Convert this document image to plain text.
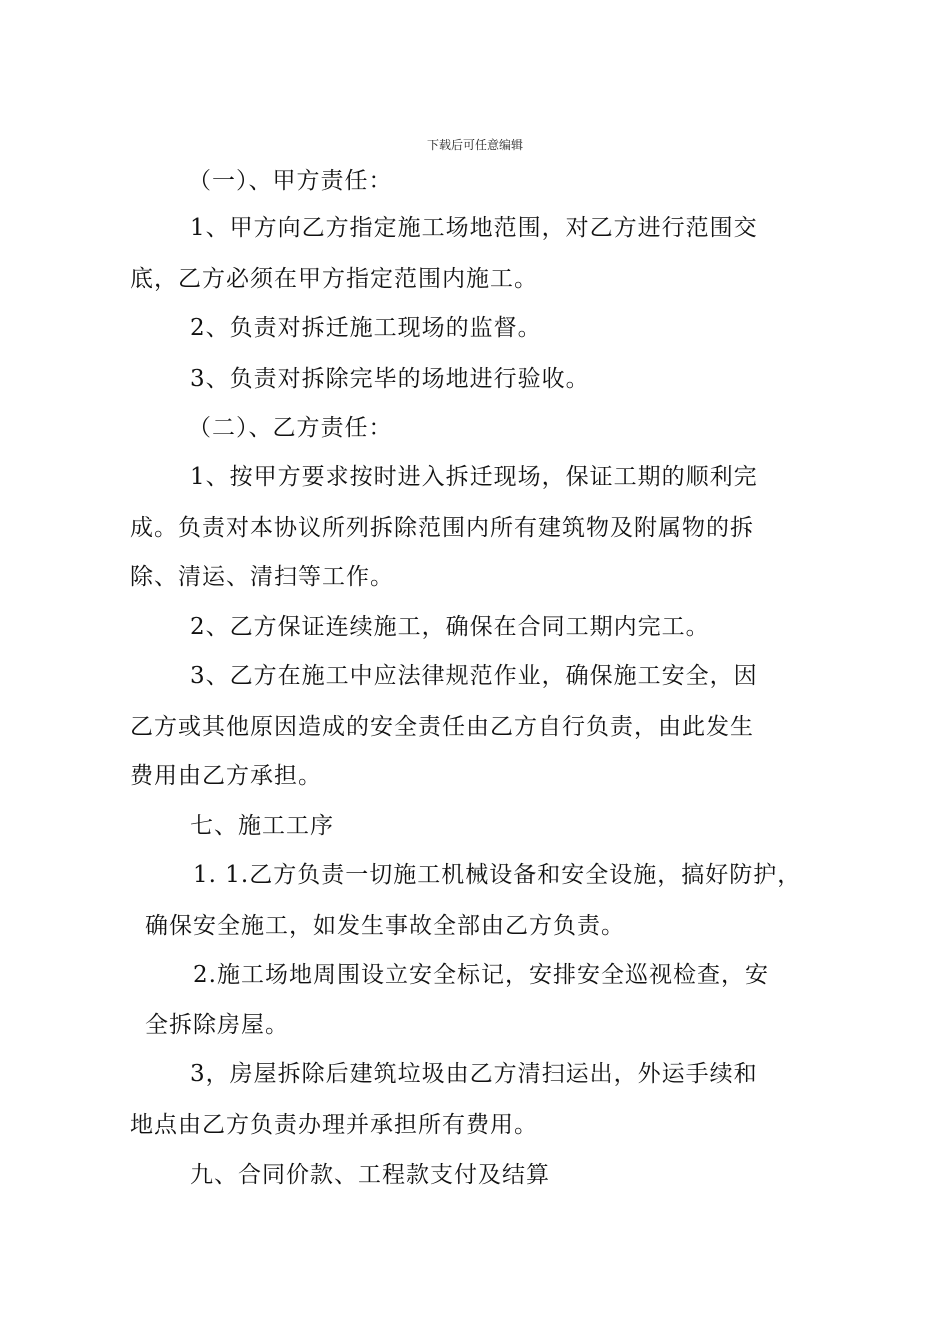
下载后可任意编辑
（一）、甲方责任：
1、甲方向乙方指定施工场地范围，对乙方进行范围交
底，乙方必须在甲方指定范围内施工。
2、负责对拆迁施工现场的监督。
3、负责对拆除完毕的场地进行验收。
（二）、乙方责任：
1、按甲方要求按时进入拆迁现场，保证工期的顺利完
成。负责对本协议所列拆除范围内所有建筑物及附属物的拆
除、清运、清扫等工作。
2、乙方保证连续施工，确保在合同工期内完工。
3、乙方在施工中应法律规范作业，确保施工安全，因
乙方或其他原因造成的安全责任由乙方自行负责，由此发生
费用由乙方承担。
七、施工工序
1. 1.乙方负责一切施工机械设备和安全设施，搞好防护，
确保安全施工，如发生事故全部由乙方负责。
2.施工场地周围设立安全标记，安排安全巡视检查，安
全拆除房屋。
3，房屋拆除后建筑垃圾由乙方清扫运出，外运手续和
地点由乙方负责办理并承担所有费用。
九、合同价款、工程款支付及结算
